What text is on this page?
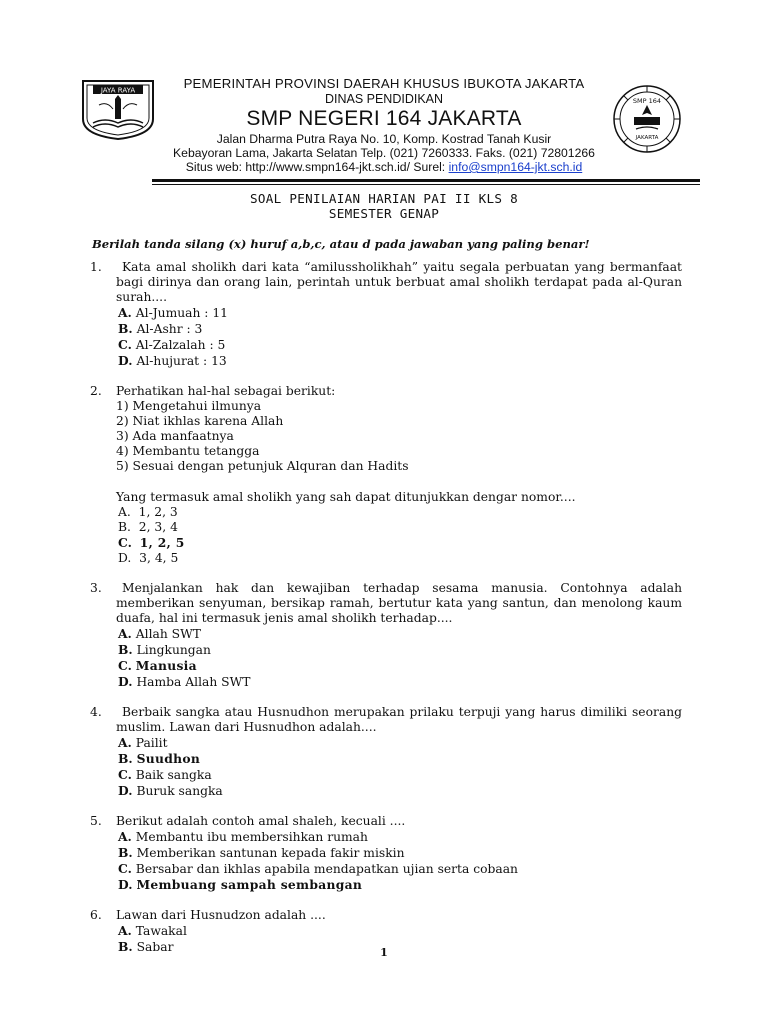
JAYA RAYA	PEMERINTAH PROVINSI DAERAH KHUSUS IBUKOTA JAKARTA
DINAS PENDIDIKAN
SMP NEGERI 164 JAKARTA
Jalan Dharma Putra Raya No. 10, Komp. Kostrad Tanah Kusir
Kebayoran Lama, Jakarta Selatan Telp. (021) 7260333. Faks. (021) 72801266
Situs web: http://www.smpn164-jkt.sch.id/ Surel: info@smpn164-jkt.sch.id
SMP 164
JAKARTA
SOAL PENILAIAN HARIAN PAI II KLS 8
SEMESTER GENAP
Berilah tanda silang (x) huruf a,b,c, atau d pada jawaban yang paling benar!
1.	Kata amal sholikh dari kata “amilussholikhah” yaitu segala perbuatan yang bermanfaat bagi dirinya dan orang lain, perintah untuk berbuat amal sholikh terdapat pada al-Quran surah....
A. Al-Jumuah : 11
B. Al-Ashr : 3
C. Al-Zalzalah : 5
D. Al-hujurat : 13
2. Perhatikan hal-hal sebagai berikut:
1) Mengetahui ilmunya
2) Niat ikhlas karena Allah
3) Ada manfaatnya
4) Membantu tetangga
5) Sesuai dengan petunjuk Alquran dan Hadits
Yang termasuk amal sholikh yang sah dapat ditunjukkan dengar nomor....
A. 1, 2, 3
B. 2, 3, 4
C. 1, 2, 5
D. 3, 4, 5
3.	Menjalankan hak dan kewajiban terhadap sesama manusia. Contohnya adalah memberikan senyuman, bersikap ramah, bertutur kata yang santun, dan menolong kaum duafa, hal ini termasuk jenis amal sholikh terhadap....
A. Allah SWT
B. Lingkungan
C. Manusia
D. Hamba Allah SWT
4.	Berbaik sangka atau Husnudhon merupakan prilaku terpuji yang harus dimiliki seorang muslim. Lawan dari Husnudhon adalah....
A. Pailit
B. Suudhon
C. Baik sangka
D. Buruk sangka
5. Berikut adalah contoh amal shaleh, kecuali ....
A. Membantu ibu membersihkan rumah
B. Memberikan santunan kepada fakir miskin
C. Bersabar dan ikhlas apabila mendapatkan ujian serta cobaan
D. Membuang sampah sembangan
6. Lawan dari Husnudzon adalah ....
A. Tawakal
B. Sabar	1
